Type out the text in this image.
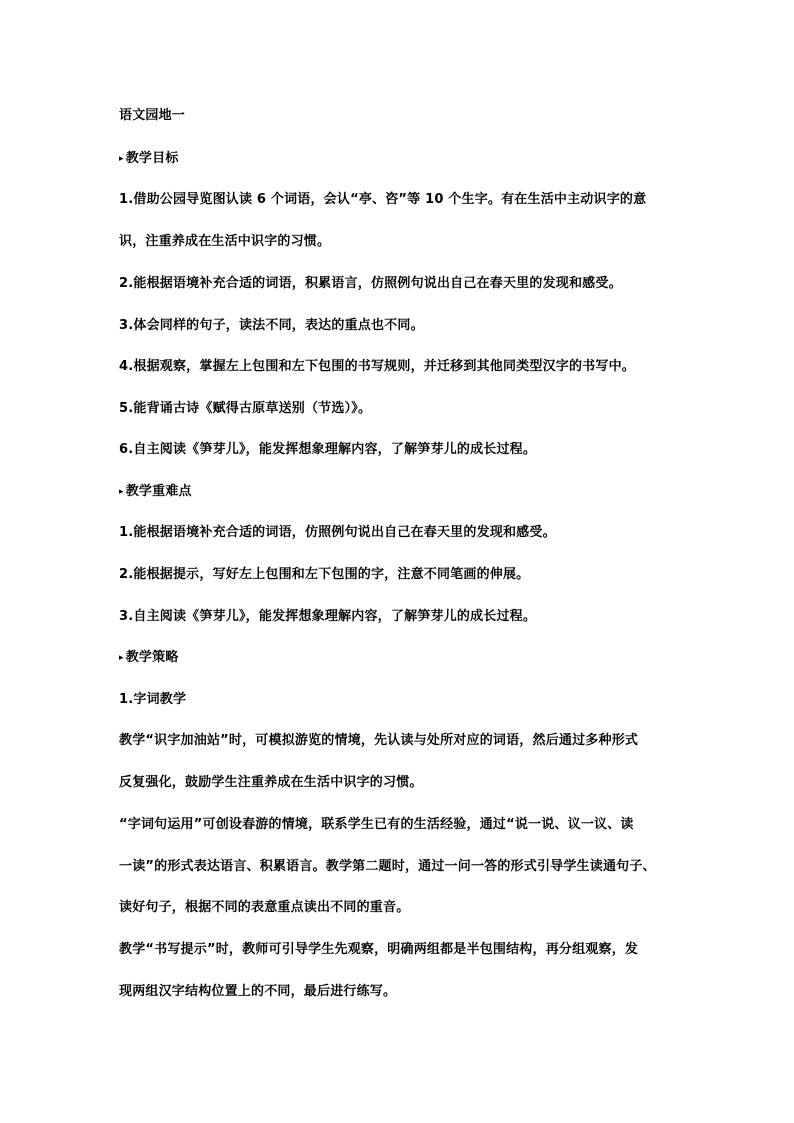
语文园地一
▸ 教学目标
1.借助公园导览图认读 6 个词语，会认“亭、咨”等 10 个生字。有在生活中主动识字的意
识，注重养成在生活中识字的习惯。
2.能根据语境补充合适的词语，积累语言，仿照例句说出自己在春天里的发现和感受。
3.体会同样的句子，读法不同，表达的重点也不同。
4.根据观察，掌握左上包围和左下包围的书写规则，并迁移到其他同类型汉字的书写中。
5.能背诵古诗《赋得古原草送别（节选）》。
6.自主阅读《笋芽儿》，能发挥想象理解内容，了解笋芽儿的成长过程。
▸ 教学重难点
1.能根据语境补充合适的词语，仿照例句说出自己在春天里的发现和感受。
2.能根据提示，写好左上包围和左下包围的字，注意不同笔画的伸展。
3.自主阅读《笋芽儿》，能发挥想象理解内容，了解笋芽儿的成长过程。
▸ 教学策略
1.字词教学
教学“识字加油站”时，可模拟游览的情境，先认读与处所对应的词语，然后通过多种形式
反复强化，鼓励学生注重养成在生活中识字的习惯。
“字词句运用”可创设春游的情境，联系学生已有的生活经验，通过“说一说、议一议、读
一读”的形式表达语言、积累语言。教学第二题时，通过一问一答的形式引导学生读通句子、
读好句子，根据不同的表意重点读出不同的重音。
教学“书写提示”时，教师可引导学生先观察，明确两组都是半包围结构，再分组观察，发
现两组汉字结构位置上的不同，最后进行练写。
